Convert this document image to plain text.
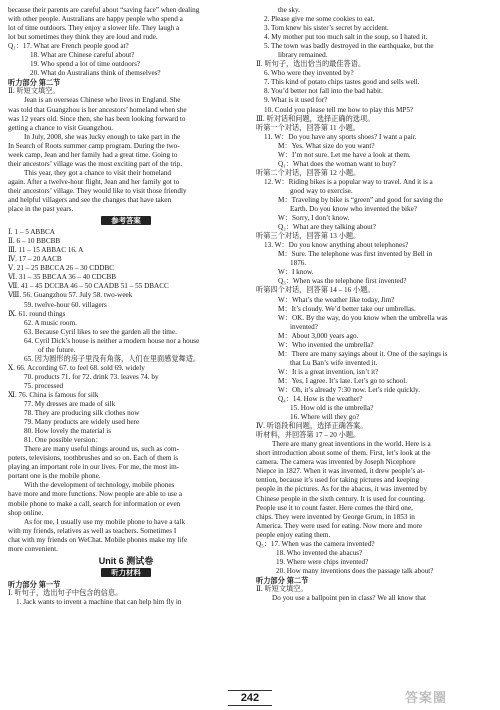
because their parents are careful about “saving face” when dealing

with other people. Australians are happy people who spend a

lot of time outdoors. They enjoy a slower life. They laugh a

lot but sometimes they think they are loud and rude.

Q₁：17. What are French people good at?

18. What are Chinese careful about?

19. Who spend a lot of time outdoors?

20. What do Australians think of themselves?

听力部分 第二节

Ⅱ. 听短文填空。

Jean is an overseas Chinese who lives in England. She

was told that Guangzhou is her ancestors’ homeland when she

was 12 years old. Since then, she has been looking forward to

getting a chance to visit Guangzhou.

In July, 2008, she was lucky enough to take part in the

In Search of Roots summer camp program. During the two-

week camp, Jean and her family had a great time. Going to

their ancestors’ village was the most exciting part of the trip.

This year, they got a chance to visit their homeland

again. After a twelve-hour flight, Jean and her family got to

their ancestors’ village. They would like to visit those friendly

and helpful villagers and see the changes that have taken

place in the past years.

参考答案

Ⅰ. 1 – 5 ABBCA

Ⅱ. 6 – 10 BBCBB

Ⅲ. 11 – 15 ABBAC 16. A

Ⅳ. 17 – 20 AACB

Ⅴ. 21 – 25 BBCCA 26 – 30 CDDBC

Ⅵ. 31 – 35 BBCAA 36 – 40 CDCBB

Ⅶ. 41 – 45 DCCBA 46 – 50 CAADB 51 – 55 DBACC

Ⅷ. 56. Guangzhou 57. July 58. two-week

59. twelve-hour 60. villagers

Ⅸ. 61. round things

62. A music room.

63. Because Cyril likes to see the garden all the time.

64. Cyril Dick’s house is neither a modern house nor a house

of the future.

65. 因为圆形的房子里没有角落，人们在里面感觉舞适。

Ⅹ. 66. According 67. to feel 68. sold 69. widely

70. products 71. for 72. drink 73. leaves 74. by

75. processed

Ⅺ. 76. China is famous for silk

77. My dresses are made of silk

78. They are producing silk clothes now

79. Many products are widely used here

80. How lovely the material is

81. One possible version：

There are many useful things around us, such as com-

puters, televisions, toothbrushes and so on. Each of them is

playing an important role in our lives. For me, the most im-

portant one is the mobile phone.

With the development of technology, mobile phones

have more and more functions. Now people are able to use a

mobile phone to make a call, search for information or even

shop online.

As for me, I usually use my mobile phone to have a talk

with my friends, relatives as well as teachers. Sometimes I

chat with my friends on WeChat. Mobile phones make my life

more convenient.

Unit 6 测试卷
听力材料

听力部分 第一节

Ⅰ. 听句子，选出句子中包含的信息。

1. Jack wants to invent a machine that can help him fly in

the sky.

2. Please give me some cookies to eat.

3. Tom knew his sister’s secret by accident.

4. My mother put too much salt in the soup, so I hated it.

5. The town was badly destroyed in the earthquake, but the

library remained.

Ⅱ. 听句子，选出恰当的最佳答语。

6. Who were they invented by?

7. This kind of potato chips tastes good and sells well.

8. You’d better not fall into the bad habit.

9. What is it used for?

10. Could you please tell me how to play this MP5?

Ⅲ. 听对话和问题，选择正确的选项。

听第一个对话，回答第 11 小题。

11. W：Do you have any sports shoes? I want a pair.

M：Yes. What size do you want?

W：I’m not sure. Let me have a look at them.

Q₁：What does the woman want to buy?

听第二个对话，回答第 12 小题。

12. W：Riding bikes is a popular way to travel. And it is a

good way to exercise.

M：Traveling by bike is “green” and good for saving the

Earth. Do you know who invented the bike?

W：Sorry, I don’t know.

Q₂：What are they talking about?

听第三个对话，回答第 13 小题。

13. W：Do you know anything about telephones?

M：Sure. The telephone was first invented by Bell in

1876.

W：I know.

Q₃：When was the telephone first invented?

听第四个对话，回答第 14 – 16 小题。

W：What’s the weather like today, Jim?

M：It’s cloudy. We’d better take our umbrellas.

W：OK. By the way, do you know when the umbrella was

invented?

M：About 3,000 years ago.

W：Who invented the umbrella?

M：There are many sayings about it. One of the sayings is

that Lu Ban’s wife invented it.

W：It is a great invention, isn’t it?

M：Yes, I agree. It’s late. Let’s go to school.

W：Oh, it’s already 7:30 now. Let’s ride quickly.

Q₄：14. How is the weather?

15. How old is the umbrella?

16. Where will they go?

Ⅳ. 听语段和问题，选择正确答案。

听材料，并回答第 17 – 20 小题。

There are many great inventions in the world. Here is a

short introduction about some of them. First, let’s look at the

camera. The camera was invented by Joseph Nicephore

Niepce in 1827. When it was invented, it drew people’s at-

tention, because it’s used for taking pictures and keeping

people in the pictures. As for the abacus, it was invented by

Chinese people in the sixth century. It is used for counting.

People use it to count faster. Here comes the third one,

chips. They were invented by George Grum, in 1853 in

America. They were used for eating. Now more and more

people enjoy eating them.

Q₅：17. When was the camera invented?

18. Who invented the abacus?

19. Where were chips invented?

20. How many inventions does the passage talk about?

听力部分 第二节

Ⅱ. 听短文填空。

Do you use a ballpoint pen in class? We all know that

242	答案圈
